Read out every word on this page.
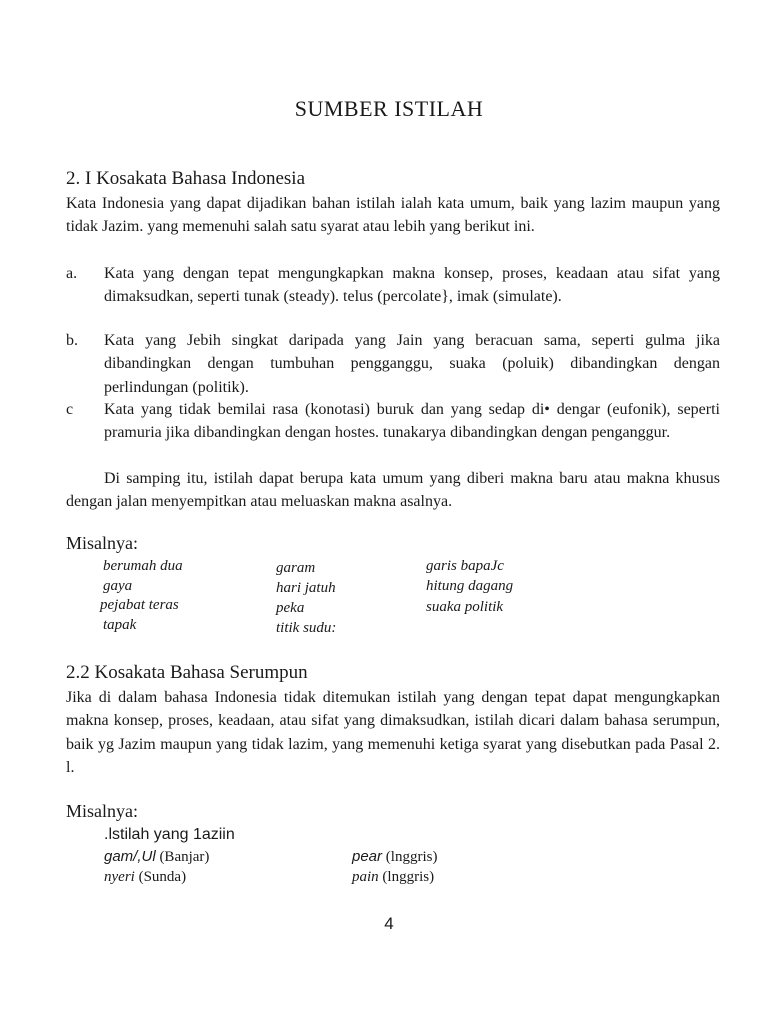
SUMBER ISTILAH
2. I Kosakata Bahasa Indonesia

Kata Indonesia yang dapat dijadikan bahan istilah ialah kata umum, baik yang lazim maupun yang tidak Jazim. yang memenuhi salah satu syarat atau lebih yang berikut ini.

a.	Kata yang dengan tepat mengungkapkan makna konsep, proses, keadaan atau sifat yang dimaksudkan, seperti tunak (steady). telus (percolate}, imak (simulate).

b.	Kata yang Jebih singkat daripada yang Jain yang beracuan sama, seperti gulma jika dibandingkan dengan tumbuhan pengganggu, suaka (poluik) dibandingkan dengan perlindungan (politik).

c	Kata yang tidak bemilai rasa (konotasi) buruk dan yang sedap di• dengar (eufonik), seperti pramuria jika dibandingkan dengan hostes. tunakarya dibandingkan dengan penganggur.

Di samping itu, istilah dapat berupa kata umum yang diberi makna baru atau makna khusus dengan jalan menyempitkan atau meluaskan makna asalnya.

Misalnya:

berumah dua	garam	garis bapaJc
gaya	hari jatuh	hitung dagang
pejabat teras	peka	suaka politik
tapak	titik sudu:
2.2 Kosakata Bahasa Serumpun

Jika di dalam bahasa Indonesia tidak ditemukan istilah yang dengan tepat dapat mengungkapkan makna konsep, proses, keadaan, atau sifat yang dimaksudkan, istilah dicari dalam bahasa serumpun, baik yg Jazim maupun yang tidak lazim, yang memenuhi ketiga syarat yang disebutkan pada Pasal 2. l.

Misalnya:

.lstilah yang 1aziin
gam/,Ul (Banjar)	pear (lnggris)
nyeri (Sunda)	pain (lnggris)
4
